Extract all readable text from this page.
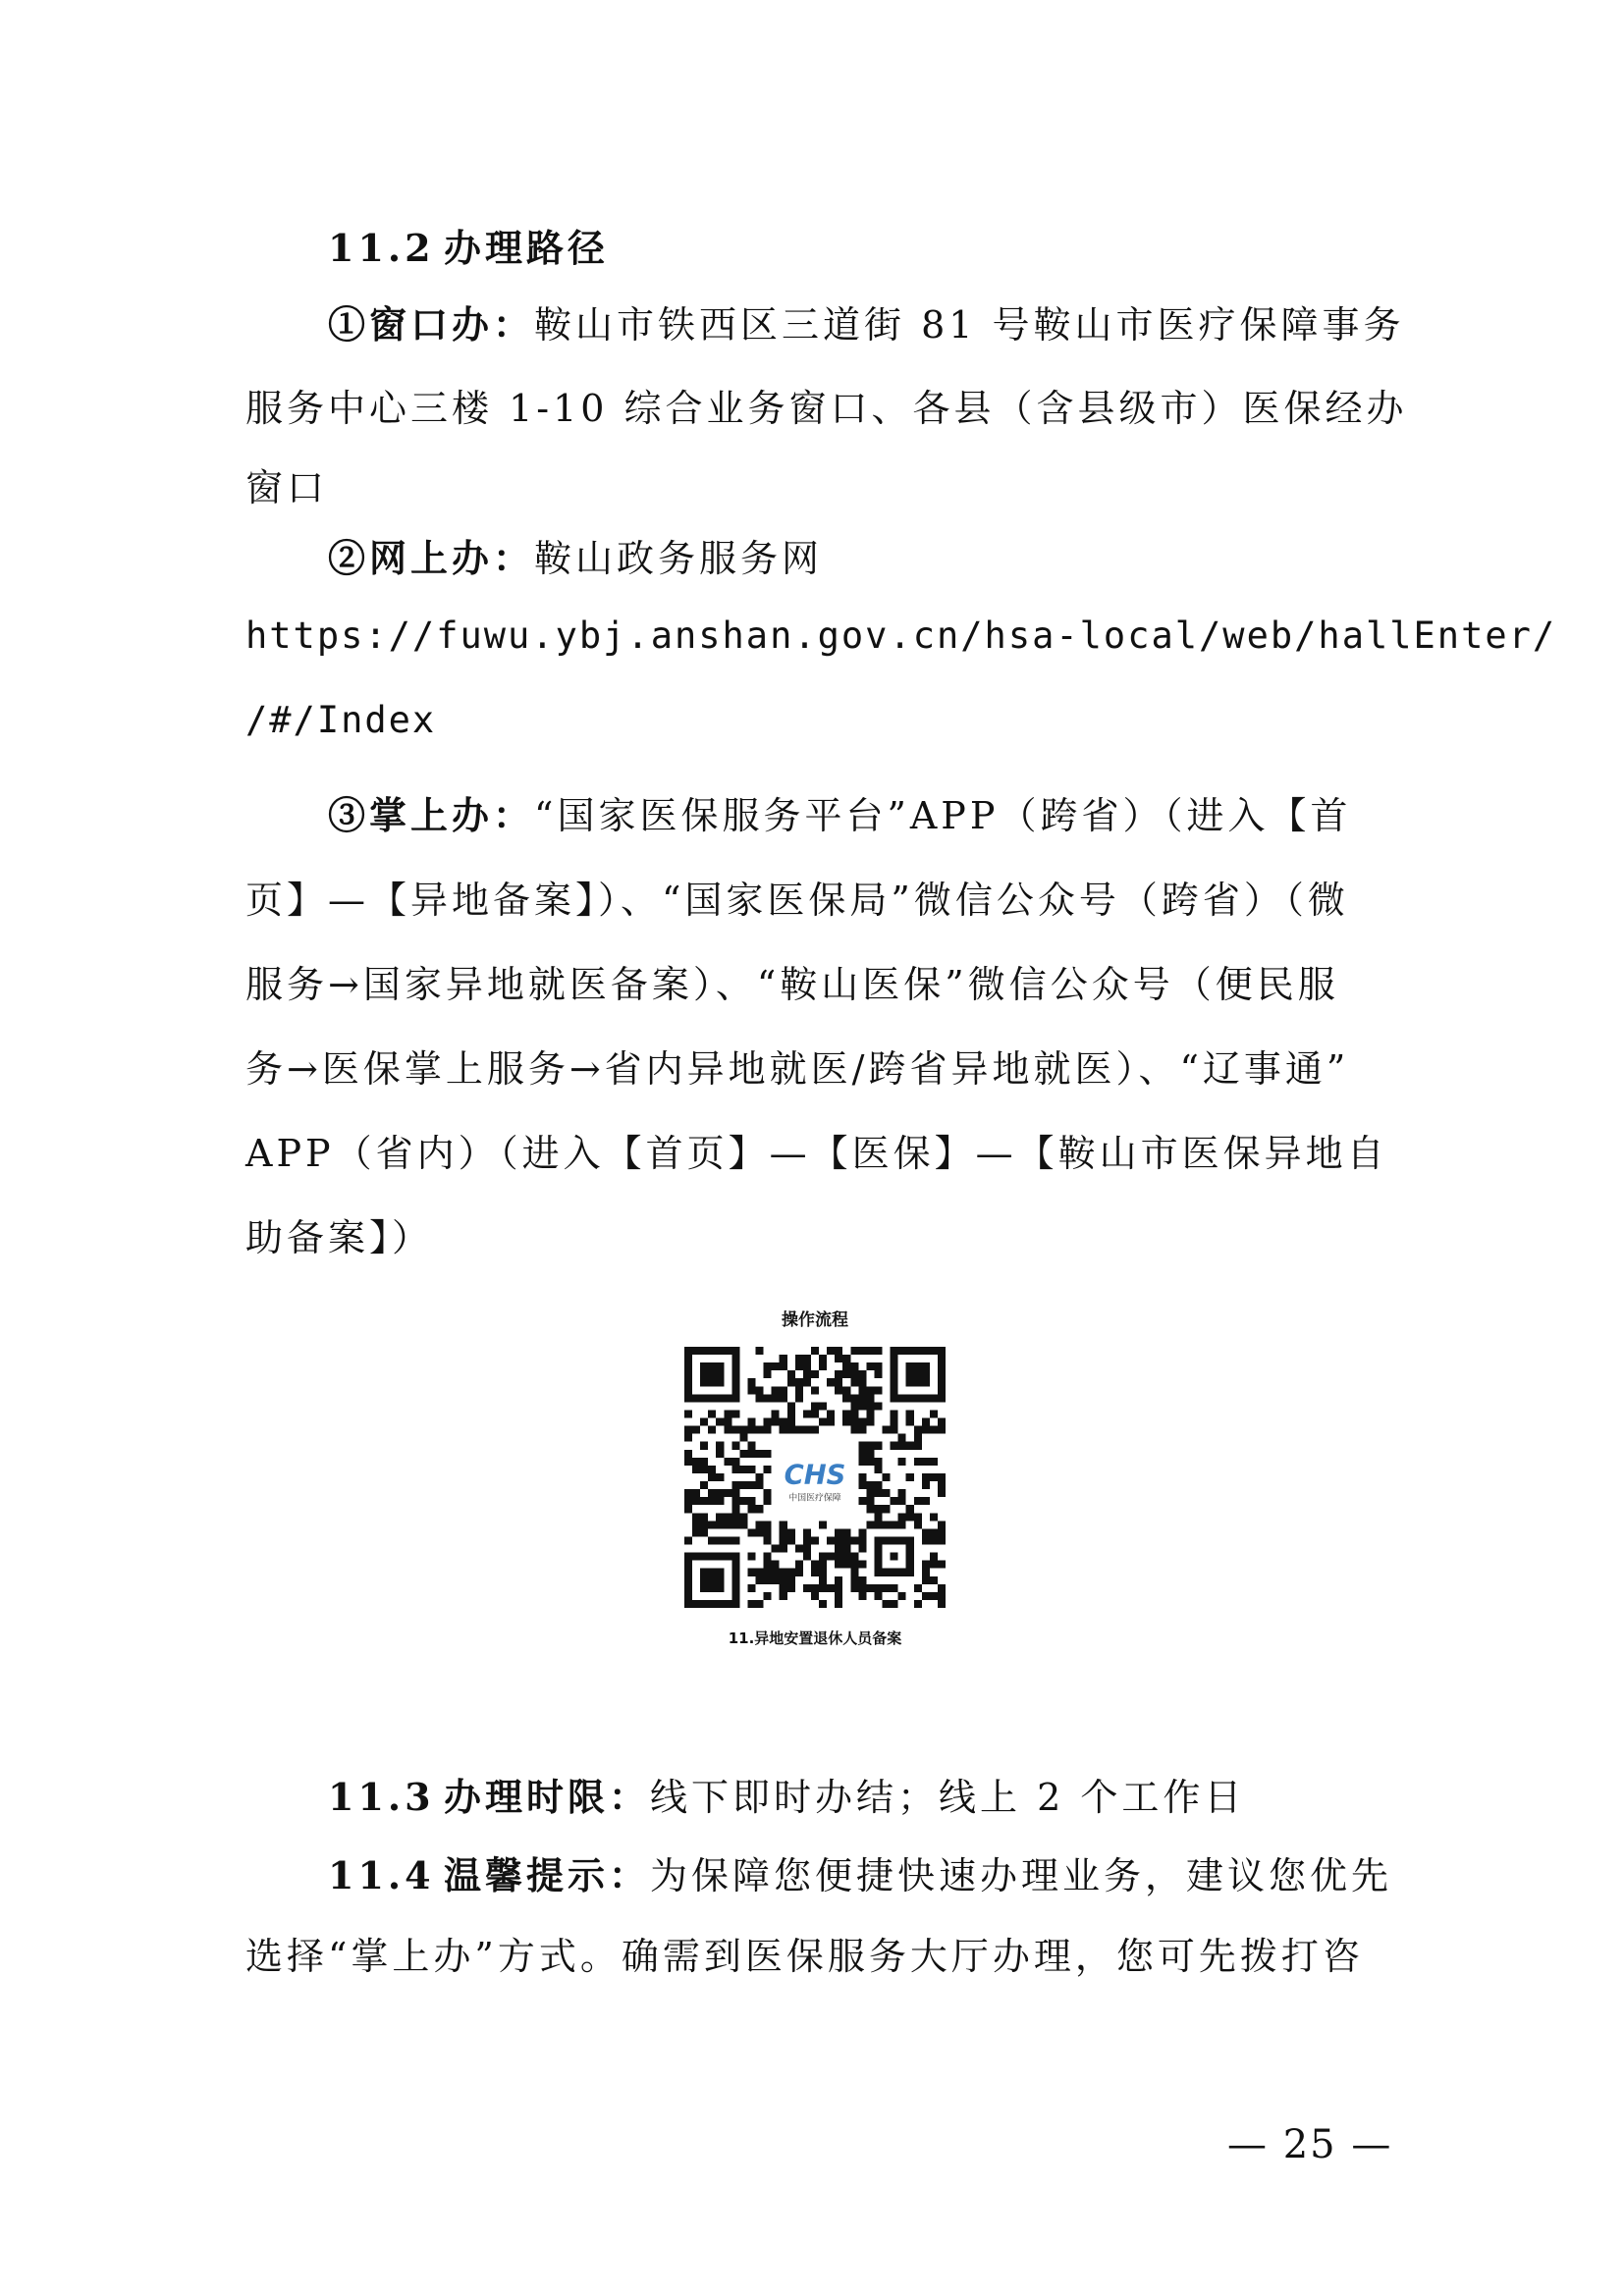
11.2 办理路径
①窗口办：鞍山市铁西区三道街 81 号鞍山市医疗保障事务
服务中心三楼 1-10 综合业务窗口、各县（含县级市）医保经办
窗口
②网上办：鞍山政务服务网
https://fuwu.ybj.anshan.gov.cn/hsa-local/web/hallEnter/
/#/Index
③掌上办：“国家医保服务平台”APP（跨省）（进入【首
页】—【异地备案】）、“国家医保局”微信公众号（跨省）（微
服务→国家异地就医备案）、“鞍山医保”微信公众号（便民服
务→医保掌上服务→省内异地就医/跨省异地就医）、“辽事通”
APP（省内）（进入【首页】—【医保】—【鞍山市医保异地自
助备案】）
11.3 办理时限：线下即时办结；线上 2 个工作日
11.4 温馨提示：为保障您便捷快速办理业务，建议您优先
选择“掌上办”方式。确需到医保服务大厅办理，您可先拨打咨
操作流程
CHS
中国医疗保障
11.异地安置退休人员备案
— 25 —
